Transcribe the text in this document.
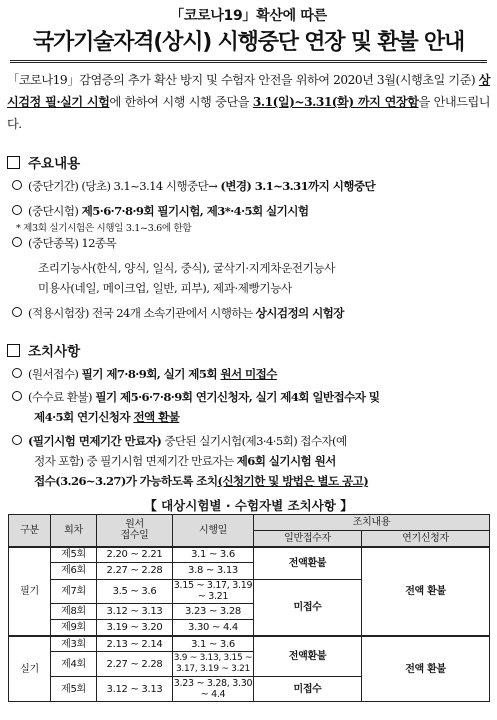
「코로나19」확산에 따른
국가기술자격(상시) 시행중단 연장 및 환불 안내
「코로나19」감염증의 추가 확산 방지 및 수험자 안전을 위하여 2020년 3월(시행초일 기준) 상시검정 필·실기 시험에 한하여 시행 시행 중단을 3.1(일)~3.31(화) 까지 연장함을 안내드립니다.
주요내용
(중단기간) (당초) 3.1~3.14 시행중단→ (변경) 3.1~3.31까지 시행중단
(중단시험) 제5·6·7·8·9회 필기시험, 제3*·4·5회 실기시험
* 제3회 실기시험은 시행일 3.1~3.6에 한함
(중단종목) 12종목
조리기능사(한식, 양식, 일식, 중식), 굴삭기·지게차운전기능사
미용사(네일, 메이크업, 일반, 피부), 제과·제빵기능사
(적용시험장) 전국 24개 소속기관에서 시행하는 상시검정의 시험장
조치사항
(원서접수) 필기 제7·8·9회, 실기 제5회 원서 미접수
(수수료 환불) 필기 제5·6·7·8·9회 연기신청자, 실기 제4회 일반접수자 및
제4·5회 연기신청자 전액 환불
(필기시험 면제기간 만료자) 중단된 실기시험(제3·4·5회) 접수자(예
정자 포함) 중 필기시험 면제기간 만료자는 제6회 실기시험 원서
접수(3.26~3.27)가 가능하도록 조치(신청기한 및 방법은 별도 공고)
【 대상시험별 · 수험자별 조치사항 】
구분	회차	원서
접수일	시행일	조치내용	
				일반접수자	연기신청자
필기	제5회	2.20 ~ 2.21	3.1 ~ 3.6	전액환불	전액 환불
	제6회	2.27 ~ 2.28	3.8 ~ 3.13		
	제7회	3.5 ~ 3.6	3.15 ~ 3.17, 3.19 ~ 3.21	미접수	
	제8회	3.12 ~ 3.13	3.23 ~ 3.28		
	제9회	3.19 ~ 3.20	3.30 ~ 4.4		
실기	제3회	2.13 ~ 2.14	3.1 ~ 3.6	전액환불	전액 환불
	제4회	2.27 ~ 2.28	3.9 ~ 3.13, 3.15 ~ 3.17, 3.19 ~ 3.21		
	제5회	3.12 ~ 3.13	3.23 ~ 3.28, 3.30 ~ 4.4	미접수	
